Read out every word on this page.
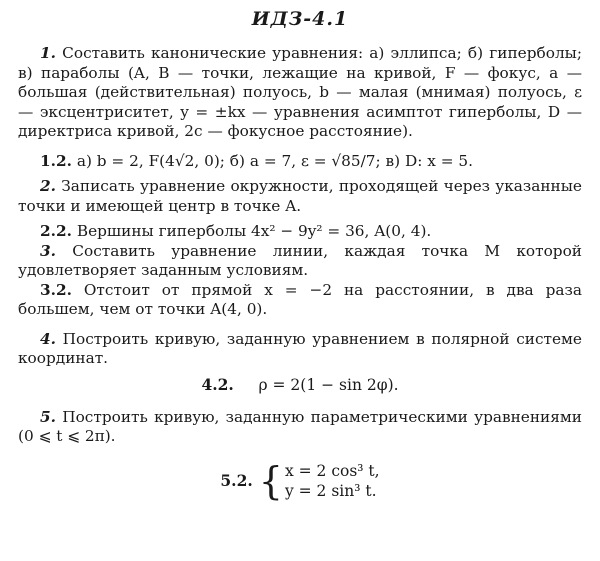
ИДЗ-4.1

1. Составить канонические уравнения: а) эллипса; б) гиперболы; в) параболы (A, B — точки, лежащие на кривой, F — фокус, a — большая (действительная) полуось, b — малая (мнимая) полуось, ε — эксцентриситет, y = ±kx — уравнения асимптот гиперболы, D — директриса кривой, 2c — фокусное расстояние).

1.2. а) b = 2, F(4√2, 0); б) a = 7, ε = √85/7; в) D: x = 5.

2. Записать уравнение окружности, проходящей через указанные точки и имеющей центр в точке A.

2.2. Вершины гиперболы 4x² − 9y² = 36, A(0, 4).

3. Составить уравнение линии, каждая точка M которой удовлетворяет заданным условиям.

3.2. Отстоит от прямой x = −2 на расстоянии, в два раза большем, чем от точки A(4, 0).

4. Построить кривую, заданную уравнением в полярной системе координат.

4.2. ρ = 2(1 − sin 2φ).

5. Построить кривую, заданную параметрическими уравнениями (0 ⩽ t ⩽ 2π).

5.2. { x = 2 cos³ t,
y = 2 sin³ t.
